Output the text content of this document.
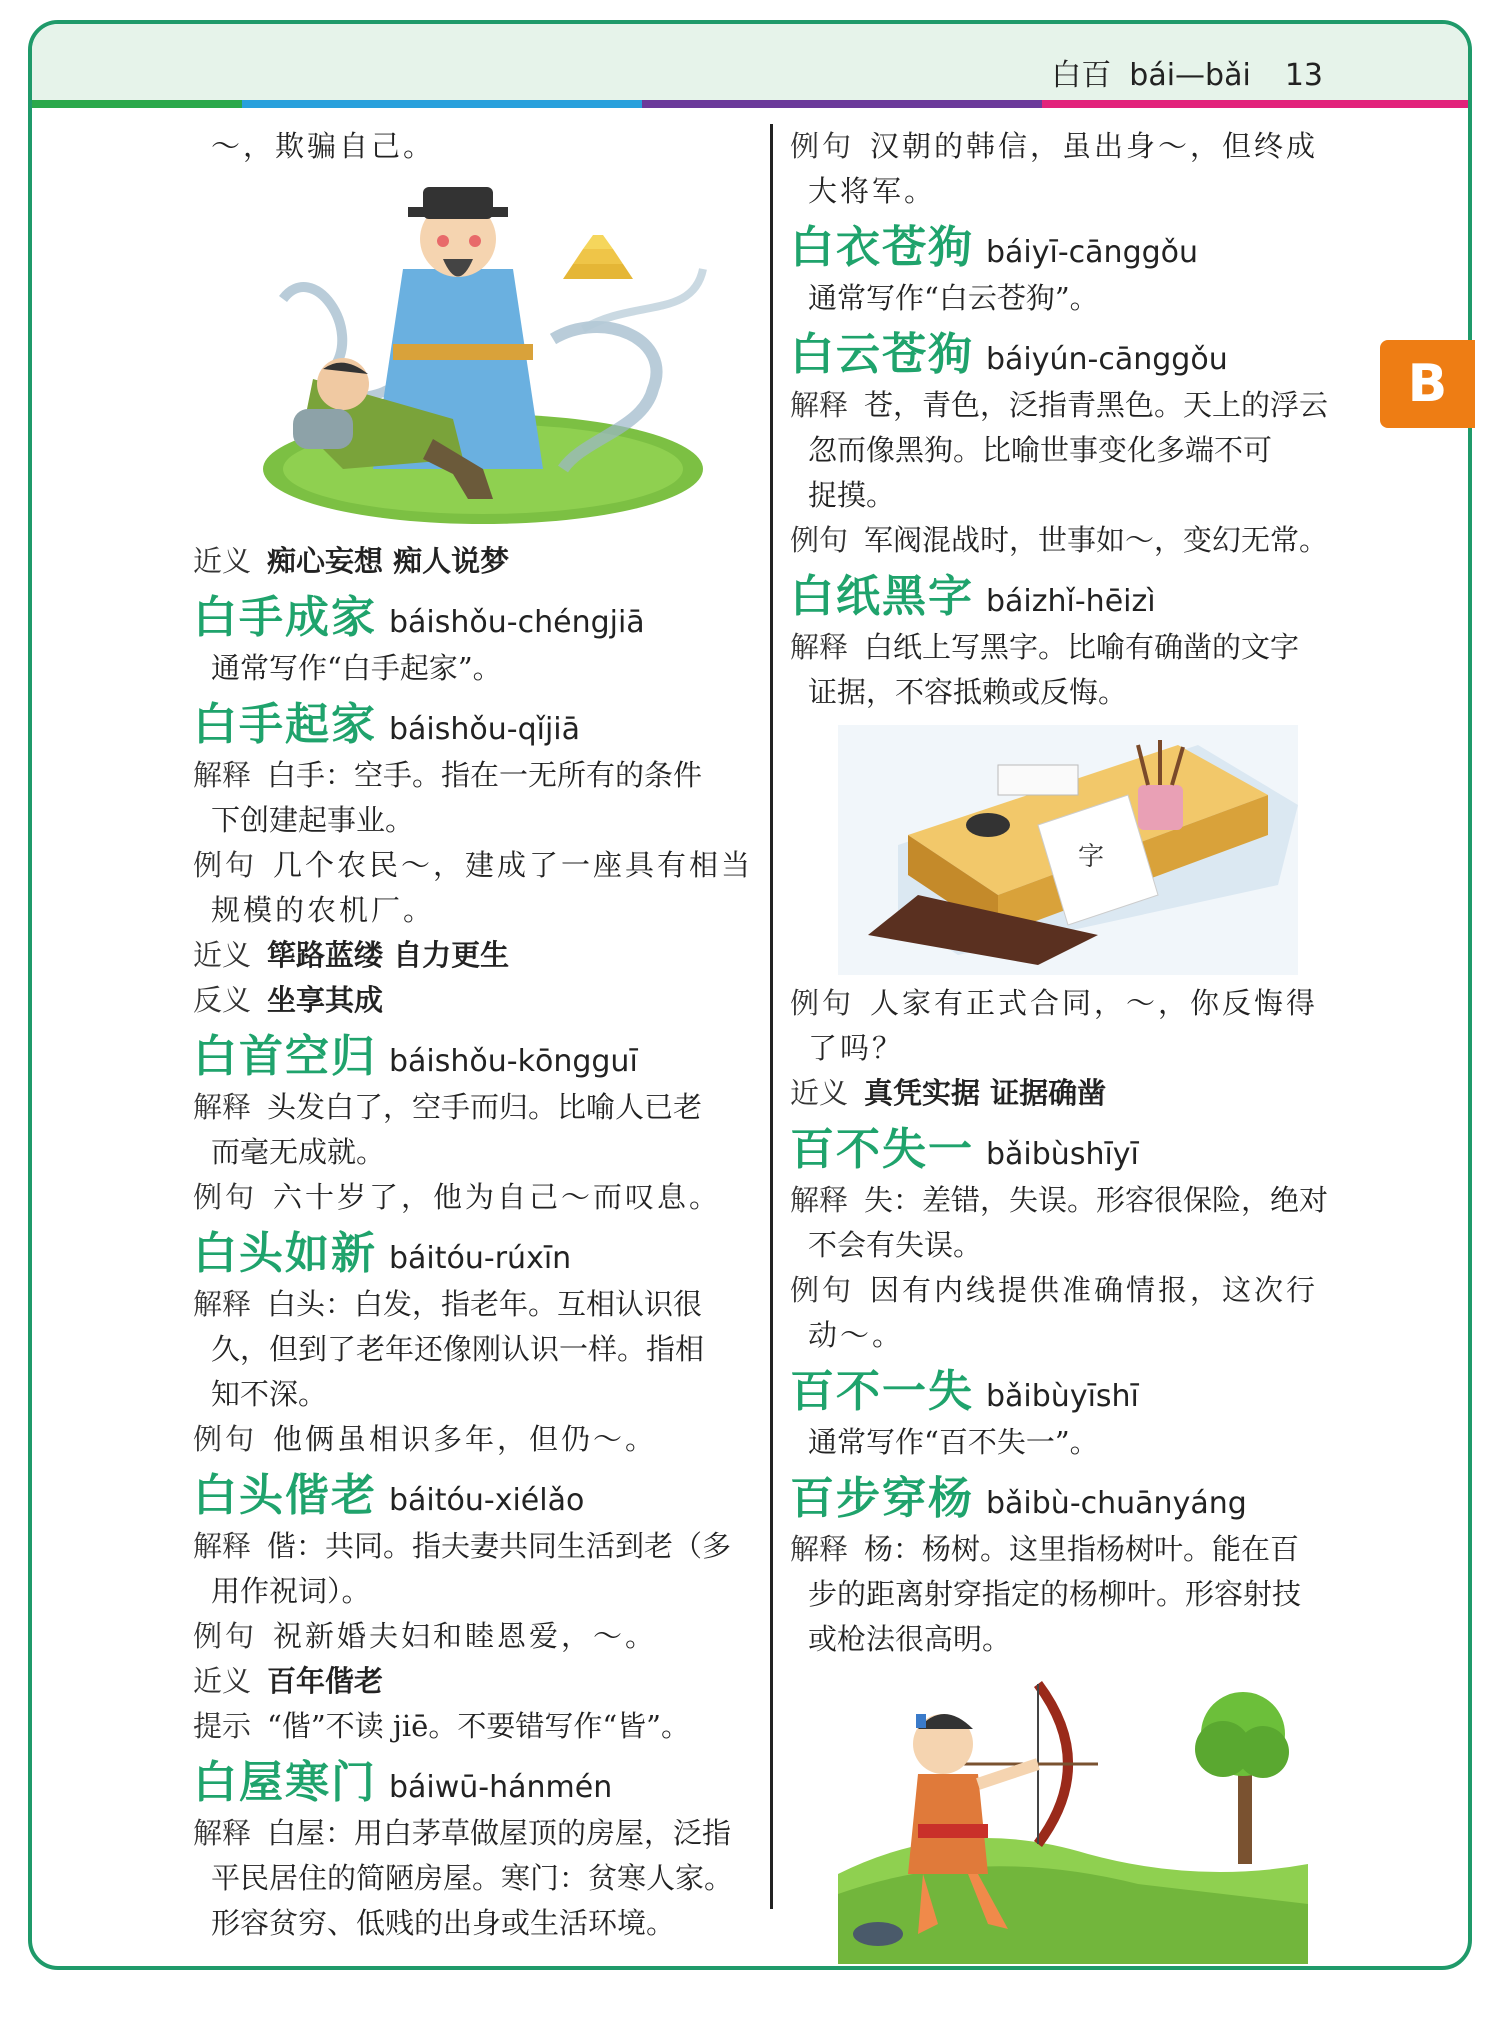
白百 bái—bǎi 13
B
～，欺骗自己。
近义 痴心妄想 痴人说梦
白手成家 báishǒu-chéngjiā
通常写作“白手起家”。
白手起家 báishǒu-qǐjiā
解释 白手：空手。指在一无所有的条件
下创建起事业。
例句 几个农民～，建成了一座具有相当
规模的农机厂。
近义 筚路蓝缕 自力更生
反义 坐享其成
白首空归 báishǒu-kōngguī
解释 头发白了，空手而归。比喻人已老
而毫无成就。
例句 六十岁了，他为自己～而叹息。
白头如新 báitóu-rúxīn
解释 白头：白发，指老年。互相认识很
久，但到了老年还像刚认识一样。指相
知不深。
例句 他俩虽相识多年，但仍～。
白头偕老 báitóu-xiélǎo
解释 偕：共同。指夫妻共同生活到老（多
用作祝词）。
例句 祝新婚夫妇和睦恩爱，～。
近义 百年偕老
提示 “偕”不读 jiē。不要错写作“皆”。
白屋寒门 báiwū-hánmén
解释 白屋：用白茅草做屋顶的房屋，泛指
平民居住的简陋房屋。寒门：贫寒人家。
形容贫穷、低贱的出身或生活环境。
例句 汉朝的韩信，虽出身～，但终成
大将军。
白衣苍狗 báiyī-cānggǒu
通常写作“白云苍狗”。
白云苍狗 báiyún-cānggǒu
解释 苍，青色，泛指青黑色。天上的浮云
忽而像黑狗。比喻世事变化多端不可
捉摸。
例句 军阀混战时，世事如～，变幻无常。
白纸黑字 báizhǐ-hēizì
解释 白纸上写黑字。比喻有确凿的文字
证据，不容抵赖或反悔。
字
例句 人家有正式合同，～，你反悔得
了吗？
近义 真凭实据 证据确凿
百不失一 bǎibùshīyī
解释 失：差错，失误。形容很保险，绝对
不会有失误。
例句 因有内线提供准确情报，这次行
动～。
百不一失 bǎibùyīshī
通常写作“百不失一”。
百步穿杨 bǎibù-chuānyáng
解释 杨：杨树。这里指杨树叶。能在百
步的距离射穿指定的杨柳叶。形容射技
或枪法很高明。
